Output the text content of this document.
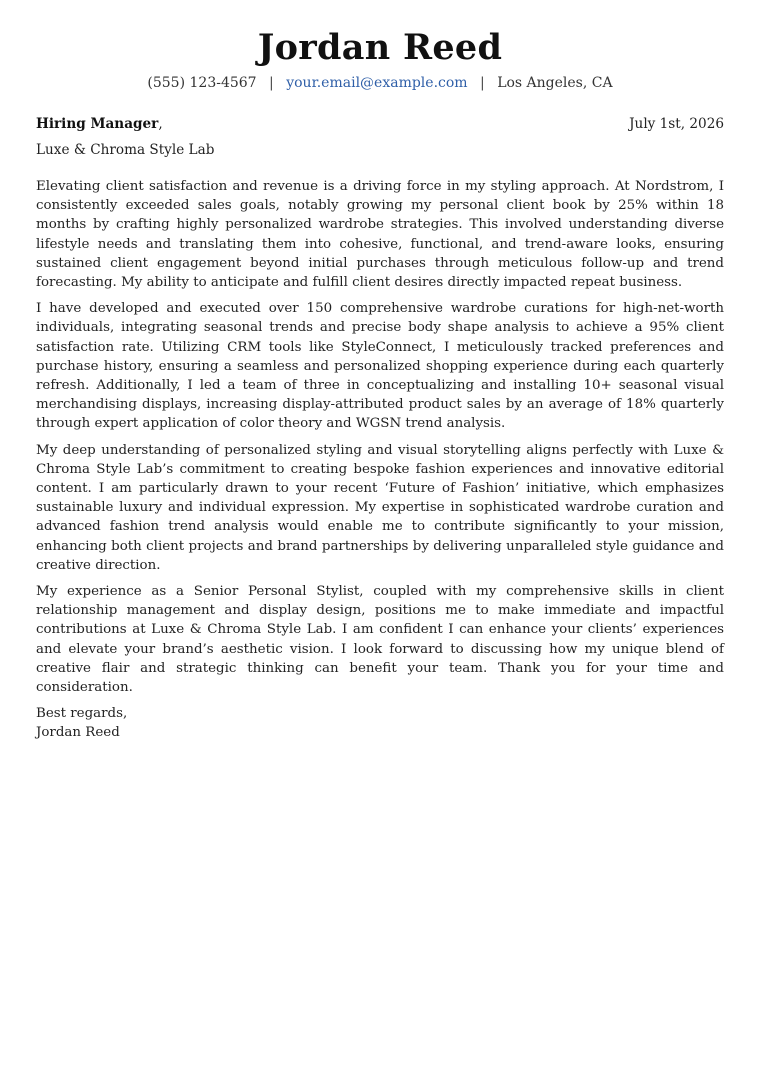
Jordan Reed
(555) 123-4567 | your.email@example.com | Los Angeles, CA
Hiring Manager,	July 1st, 2026
Luxe & Chroma Style Lab

Elevating client satisfaction and revenue is a driving force in my styling approach. At Nordstrom, I consistently exceeded sales goals, notably growing my personal client book by 25% within 18 months by crafting highly personalized wardrobe strategies. This involved understanding diverse lifestyle needs and translating them into cohesive, functional, and trend-aware looks, ensuring sustained client engagement beyond initial purchases through meticulous follow-up and trend forecasting. My ability to anticipate and fulfill client desires directly impacted repeat business.

I have developed and executed over 150 comprehensive wardrobe curations for high-net-worth individuals, integrating seasonal trends and precise body shape analysis to achieve a 95% client satisfaction rate. Utilizing CRM tools like StyleConnect, I meticulously tracked preferences and purchase history, ensuring a seamless and personalized shopping experience during each quarterly refresh. Additionally, I led a team of three in conceptualizing and installing 10+ seasonal visual merchandising displays, increasing display-attributed product sales by an average of 18% quarterly through expert application of color theory and WGSN trend analysis.

My deep understanding of personalized styling and visual storytelling aligns perfectly with Luxe & Chroma Style Lab’s commitment to creating bespoke fashion experiences and innovative editorial content. I am particularly drawn to your recent ‘Future of Fashion’ initiative, which emphasizes sustainable luxury and individual expression. My expertise in sophisticated wardrobe curation and advanced fashion trend analysis would enable me to contribute significantly to your mission, enhancing both client projects and brand partnerships by delivering unparalleled style guidance and creative direction.

My experience as a Senior Personal Stylist, coupled with my comprehensive skills in client relationship management and display design, positions me to make immediate and impactful contributions at Luxe & Chroma Style Lab. I am confident I can enhance your clients’ experiences and elevate your brand’s aesthetic vision. I look forward to discussing how my unique blend of creative flair and strategic thinking can benefit your team. Thank you for your time and consideration.

Best regards,
Jordan Reed
